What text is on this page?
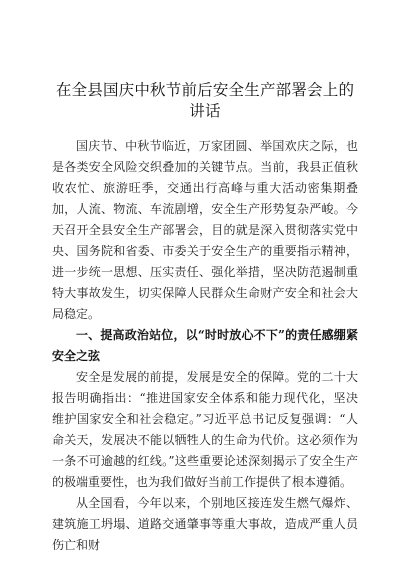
在全县国庆中秋节前后安全生产部署会上的讲话

国庆节、中秋节临近，万家团圆、举国欢庆之际，也是各类安全风险交织叠加的关键节点。当前，我县正值秋收农忙、旅游旺季，交通出行高峰与重大活动密集期叠加，人流、物流、车流剧增，安全生产形势复杂严峻。今天召开全县安全生产部署会，目的就是深入贯彻落实党中央、国务院和省委、市委关于安全生产的重要指示精神，进一步统一思想、压实责任、强化举措，坚决防范遏制重特大事故发生，切实保障人民群众生命财产安全和社会大局稳定。

一、提高政治站位，以“时时放心不下”的责任感绷紧安全之弦

安全是发展的前提，发展是安全的保障。党的二十大报告明确指出：“推进国家安全体系和能力现代化，坚决维护国家安全和社会稳定。”习近平总书记反复强调：“人命关天，发展决不能以牺牲人的生命为代价。这必须作为一条不可逾越的红线。”这些重要论述深刻揭示了安全生产的极端重要性，也为我们做好当前工作提供了根本遵循。

从全国看，今年以来，个别地区接连发生燃气爆炸、建筑施工坍塌、道路交通肇事等重大事故，造成严重人员伤亡和财
